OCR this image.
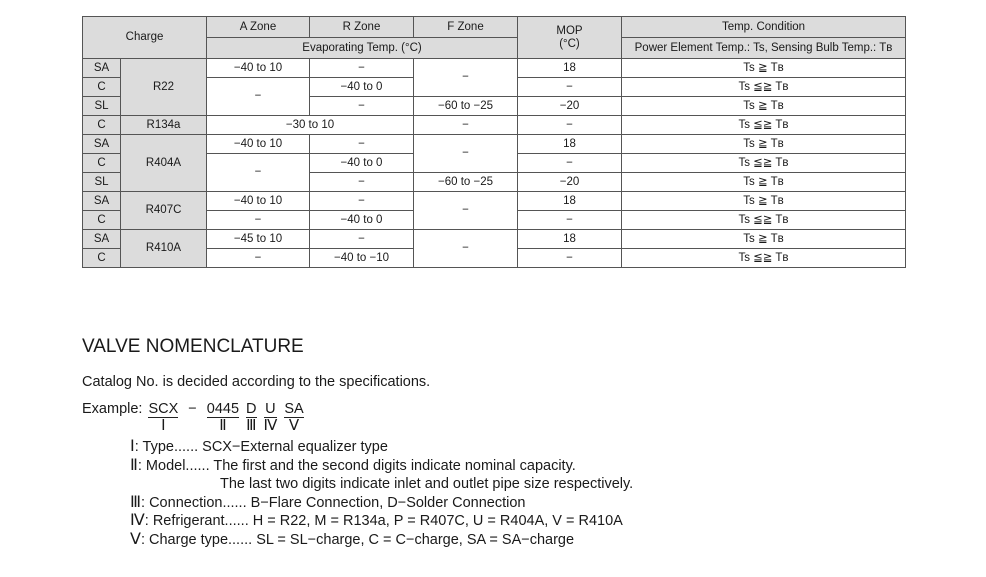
Charge		A Zone	R Zone	F Zone	MOP
(°C)	Temp. Condition
		Evaporating Temp. (°C)				Power Element Temp.: Ts, Sensing Bulb Temp.: Tʙ
SA	R22	−40 to 10	−	−	18	Ts ≧ Tʙ
C		−	−40 to 0		−	Ts ≦≧ Tʙ
SL			−	−60 to −25	−20	Ts ≧ Tʙ
C	R134a	−30 to 10		−	−	Ts ≦≧ Tʙ
SA	R404A	−40 to 10	−	−	18	Ts ≧ Tʙ
C		−	−40 to 0		−	Ts ≦≧ Tʙ
SL			−	−60 to −25	−20	Ts ≧ Tʙ
SA	R407C	−40 to 10	−	−	18	Ts ≧ Tʙ
C		−	−40 to 0		−	Ts ≦≧ Tʙ
SA	R410A	−45 to 10	−	−	18	Ts ≧ Tʙ
C		−	−40 to −10		−	Ts ≦≧ Tʙ
VALVE NOMENCLATURE
Catalog No. is decided according to the specifications.
Example: SCX
Ⅰ
− 0445
Ⅱ
D
Ⅲ
U
Ⅳ
SA
Ⅴ
Ⅰ: Type...... SCX−External equalizer type
Ⅱ: Model...... The first and the second digits indicate nominal capacity.
The last two digits indicate inlet and outlet pipe size respectively.
Ⅲ: Connection...... B−Flare Connection, D−Solder Connection
Ⅳ: Refrigerant...... H = R22, M = R134a, P = R407C, U = R404A, V = R410A
Ⅴ: Charge type...... SL = SL−charge, C = C−charge, SA = SA−charge
